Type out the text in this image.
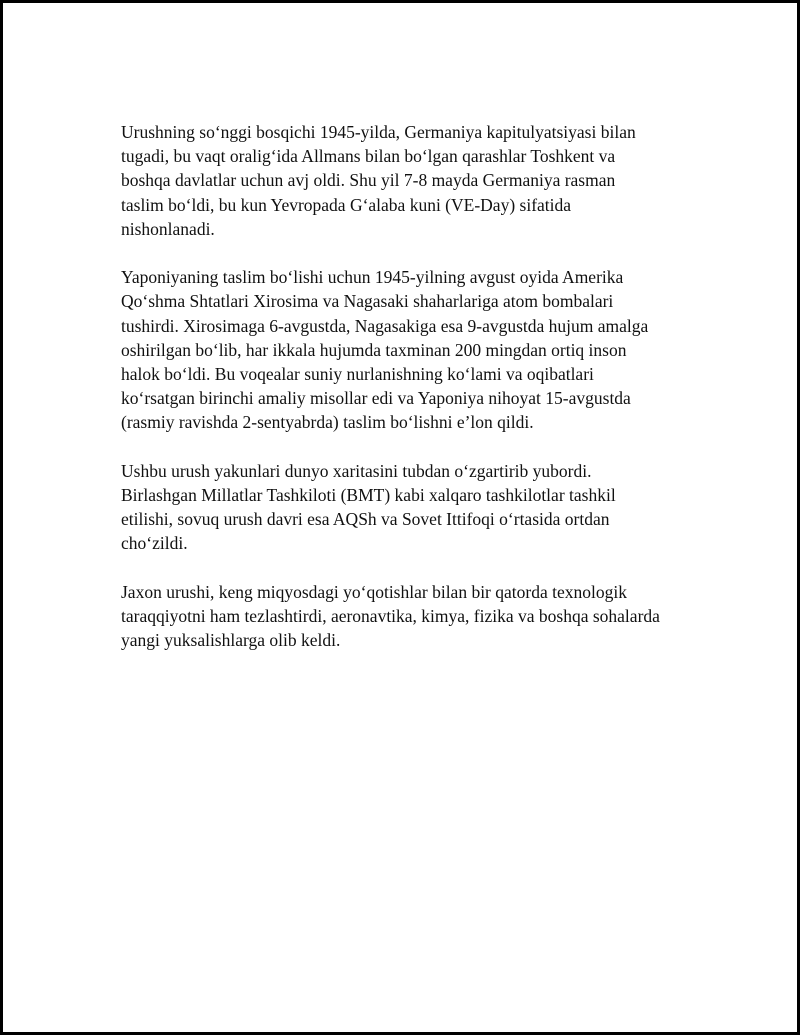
Urushning so‘nggi bosqichi 1945-yilda, Germaniya kapitulyatsiyasi bilan
tugadi, bu vaqt oralig‘ida Allmans bilan bo‘lgan qarashlar Toshkent va
boshqa davlatlar uchun avj oldi. Shu yil 7-8 mayda Germaniya rasman
taslim bo‘ldi, bu kun Yevropada G‘alaba kuni (VE-Day) sifatida
nishonlanadi.

Yaponiyaning taslim bo‘lishi uchun 1945-yilning avgust oyida Amerika
Qo‘shma Shtatlari Xirosima va Nagasaki shaharlariga atom bombalari
tushirdi. Xirosimaga 6-avgustda, Nagasakiga esa 9-avgustda hujum amalga
oshirilgan bo‘lib, har ikkala hujumda taxminan 200 mingdan ortiq inson
halok bo‘ldi. Bu voqealar suniy nurlanishning ko‘lami va oqibatlari
ko‘rsatgan birinchi amaliy misollar edi va Yaponiya nihoyat 15-avgustda
(rasmiy ravishda 2-sentyabrda) taslim bo‘lishni e’lon qildi.

Ushbu urush yakunlari dunyo xaritasini tubdan o‘zgartirib yubordi.
Birlashgan Millatlar Tashkiloti (BMT) kabi xalqaro tashkilotlar tashkil
etilishi, sovuq urush davri esa AQSh va Sovet Ittifoqi o‘rtasida ortdan
cho‘zildi.

Jaxon urushi, keng miqyosdagi yo‘qotishlar bilan bir qatorda texnologik
taraqqiyotni ham tezlashtirdi, aeronavtika, kimya, fizika va boshqa sohalarda
yangi yuksalishlarga olib keldi.
